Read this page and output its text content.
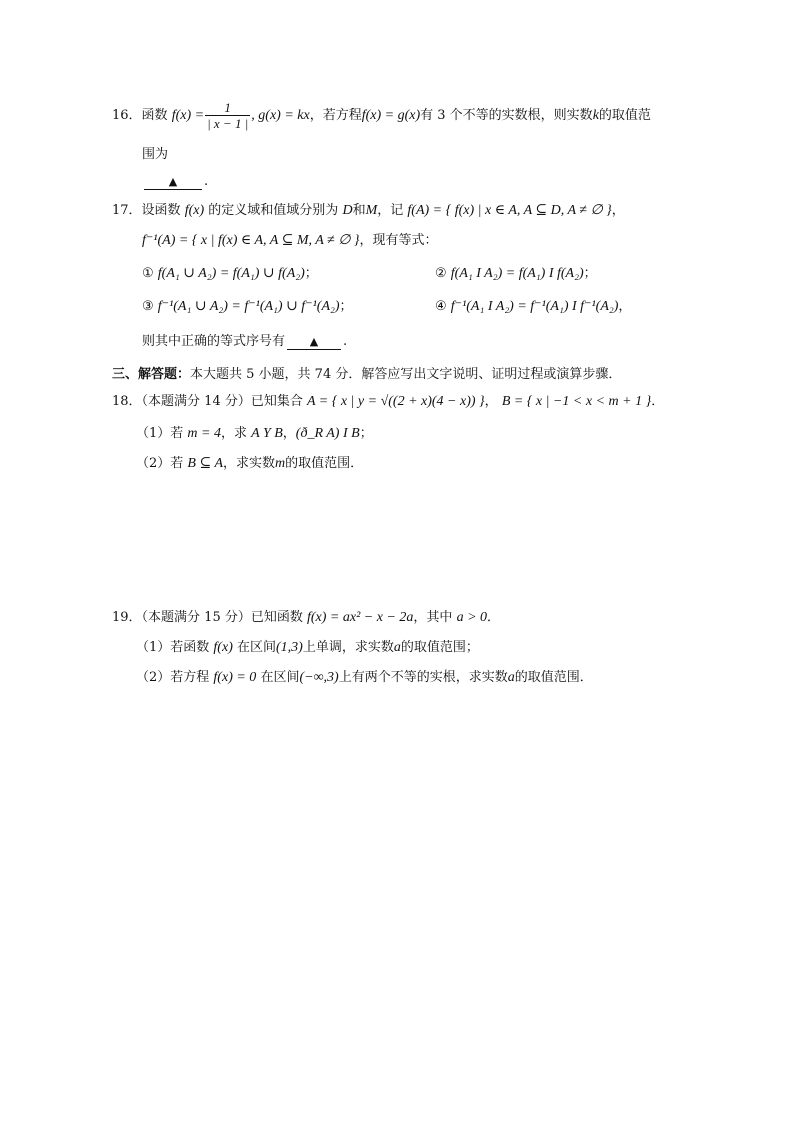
16．函数 $f(x) = \frac{1}{| x - 1 |}$ , g(x) = kx，若方程f(x) = g(x)有 3 个不等的实数根，则实数k的取值范
围为
▲ .
17．设函数 f(x) 的定义域和值域分别为 D和M，记 f(A) = { f(x) | x ∈ A, A ⊆ D, A ≠ ∅ }，
f⁻¹(A) = { x | f(x) ∈ A, A ⊆ M, A ≠ ∅ }，现有等式：
① f(A₁ ∪ A₂) = f(A₁) ∪ f(A₂)；	② f(A₁ I A₂) = f(A₁) I f(A₂)；
③ f⁻¹(A₁ ∪ A₂) = f⁻¹(A₁) ∪ f⁻¹(A₂)；	④ f⁻¹(A₁ I A₂) = f⁻¹(A₁) I f⁻¹(A₂)，
则其中正确的等式序号有 ▲ .
三、解答题：本大题共 5 小题，共 74 分．解答应写出文字说明、证明过程或演算步骤．
18．（本题满分 14 分）已知集合 A = { x | y = √((2 + x)(4 − x)) }， B = { x | −1 < x < m + 1 }．
（1）若 m = 4，求 A Y B，(ð_R A) I B；
（2）若 B ⊆ A，求实数m的取值范围．
19．（本题满分 15 分）已知函数 f(x) = ax² − x − 2a，其中 a > 0．
（1）若函数 f(x) 在区间(1,3)上单调，求实数a的取值范围；
（2）若方程 f(x) = 0 在区间(−∞,3)上有两个不等的实根，求实数a的取值范围．
